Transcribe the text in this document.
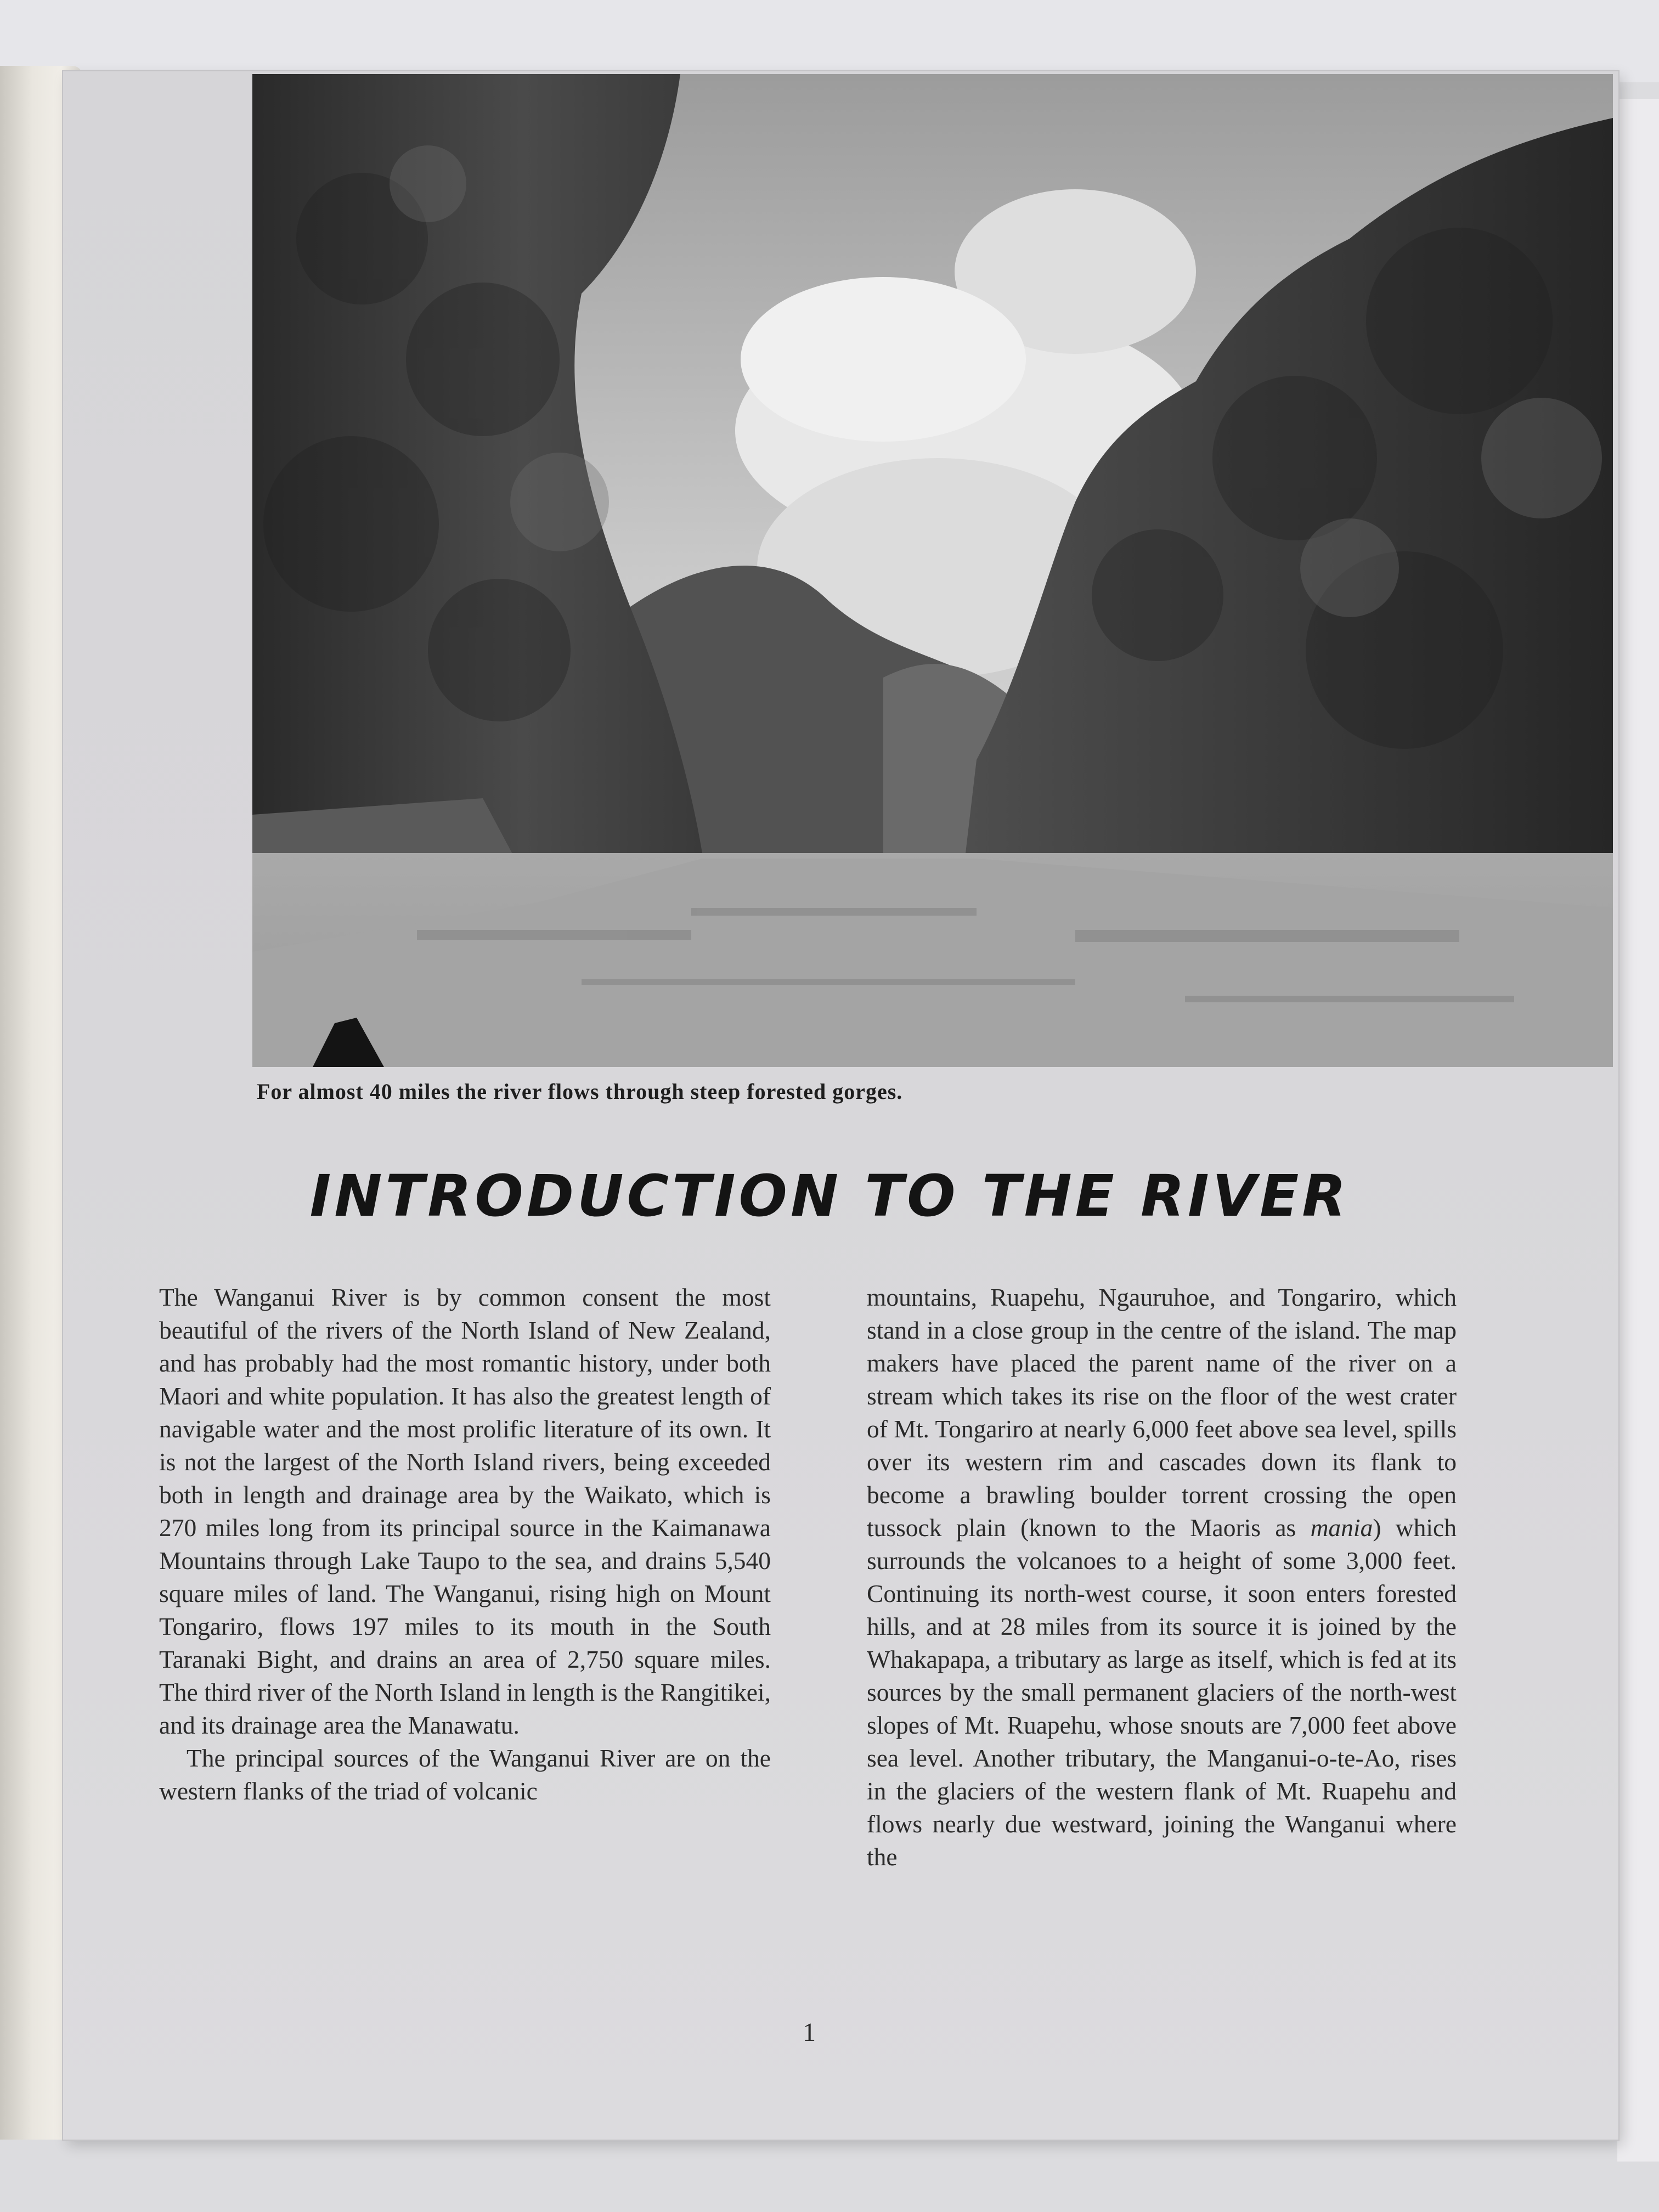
For almost 40 miles the river flows through steep forested gorges.
INTRODUCTION TO THE RIVER

The Wanganui River is by common consent the most beautiful of the rivers of the North Island of New Zealand, and has probably had the most romantic history, under both Maori and white population. It has also the greatest length of navigable water and the most prolific literature of its own. It is not the largest of the North Island rivers, being exceeded both in length and drainage area by the Waikato, which is 270 miles long from its principal source in the Kaimanawa Mountains through Lake Taupo to the sea, and drains 5,540 square miles of land. The Wanganui, rising high on Mount Tongariro, flows 197 miles to its mouth in the South Taranaki Bight, and drains an area of 2,750 square miles. The third river of the North Island in length is the Rangitikei, and its drainage area the Manawatu.

The principal sources of the Wanganui River are on the western flanks of the triad of volcanic

mountains, Ruapehu, Ngauruhoe, and Tongariro, which stand in a close group in the centre of the island. The map makers have placed the parent name of the river on a stream which takes its rise on the floor of the west crater of Mt. Tongariro at nearly 6,000 feet above sea level, spills over its western rim and cascades down its flank to become a brawling boulder torrent crossing the open tussock plain (known to the Maoris as mania) which surrounds the volcanoes to a height of some 3,000 feet. Continuing its north-west course, it soon enters forested hills, and at 28 miles from its source it is joined by the Whakapapa, a tributary as large as itself, which is fed at its sources by the small permanent glaciers of the north-west slopes of Mt. Ruapehu, whose snouts are 7,000 feet above sea level. Another tributary, the Manganui-o-te-Ao, rises in the glaciers of the western flank of Mt. Ruapehu and flows nearly due westward, joining the Wanganui where the

1
